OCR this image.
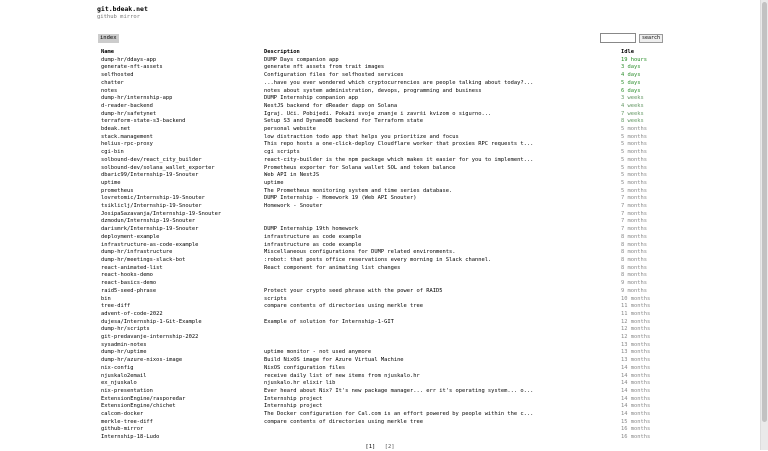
git.bdeak.net
github mirror
index	search
Name	Description	Idle
dump-hr/ddays-app	DUMP Days companion app	19 hours
generate-nft-assets	generate nft assets from trait images	3 days
selfhosted	Configuration files for selfhosted services	4 days
chatter	...have you ever wondered which cryptocurrencies are people talking about today?...	5 days
notes	notes about system administration, devops, programming and business	6 days
dump-hr/internship-app	DUMP Internship companion app	3 weeks
d-reader-backend	NestJS backend for dReader dapp on Solana	4 weeks
dump-hr/safetynet	Igraj. Uči. Pobijedi. Pokaži svoje znanje i završi kvizom o sigurno...	7 weeks
terraform-state-s3-backend	Setup S3 and DynamoDB backend for Terraform state	8 weeks
bdeak.net	personal website	5 months
stack.management	low distraction todo app that helps you prioritize and focus	5 months
helius-rpc-proxy	This repo hosts a one-click-deploy Cloudflare worker that proxies RPC requests t...	5 months
cgi-bin	cgi scripts	5 months
solbound-dev/react_city_builder	react-city-builder is the npm package which makes it easier for you to implement...	5 months
solbound-dev/solana_wallet_exporter	Prometheus exporter for Solana wallet SOL and token balance	5 months
dbaric99/Internship-19-Snouter	Web API in NestJS	5 months
uptime	uptime	5 months
prometheus	The Prometheus monitoring system and time series database.	5 months
lovretomic/Internship-19-Snouter	DUMP Internship - Homework 19 (Web API Snouter)	7 months
tsikliclj/Internship-19-Snouter	Homework - Snouter	7 months
JosipaSazavanja/Internship-19-Snouter		7 months
dzmodun/Internship-19-Snouter		7 months
darismrk/Internship-19-Snouter	DUMP Internship 19th homework	7 months
deployment-example	infrastructure as code example	8 months
infrastructure-as-code-example	infrastructure as code example	8 months
dump-hr/infrastructure	Miscellaneous configurations for DUMP related environments.	8 months
dump-hr/meetings-slack-bot	:robot: that posts office reservations every morning in Slack channel.	8 months
react-animated-list	React component for animating list changes	8 months
react-hooks-demo		8 months
react-basics-demo		9 months
raid5-seed-phrase	Protect your crypto seed phrase with the power of RAID5	9 months
bin	scripts	10 months
tree-diff	compare contents of directories using merkle tree	11 months
advent-of-code-2022		11 months
dujesa/Internship-1-Git-Example	Example of solution for Internship-1-GIT	12 months
dump-hr/scripts		12 months
git-predavanje-internship-2022		12 months
sysadmin-notes		13 months
dump-hr/uptime	uptime monitor - not used anymore	13 months
dump-hr/azure-nixos-image	Build NixOS image for Azure Virtual Machine	13 months
nix-config	NixOS configuration files	14 months
njuskalo2email	receive daily list of new items from njuskalo.hr	14 months
ex_njuskalo	njuskalo.hr elixir lib	14 months
nix-presentation	Ever heard about Nix? It's new package manager... err it's operating system... o...	14 months
ExtensionEngine/raspoređar	Internship project	14 months
ExtensionEngine/chichet	Internship project	14 months
calcom-docker	The Docker configuration for Cal.com is an effort powered by people within the c...	14 months
merkle-tree-diff	compare contents of directories using merkle tree	15 months
github-mirror		16 months
Internship-18-Ludo		16 months
[1] [2]
